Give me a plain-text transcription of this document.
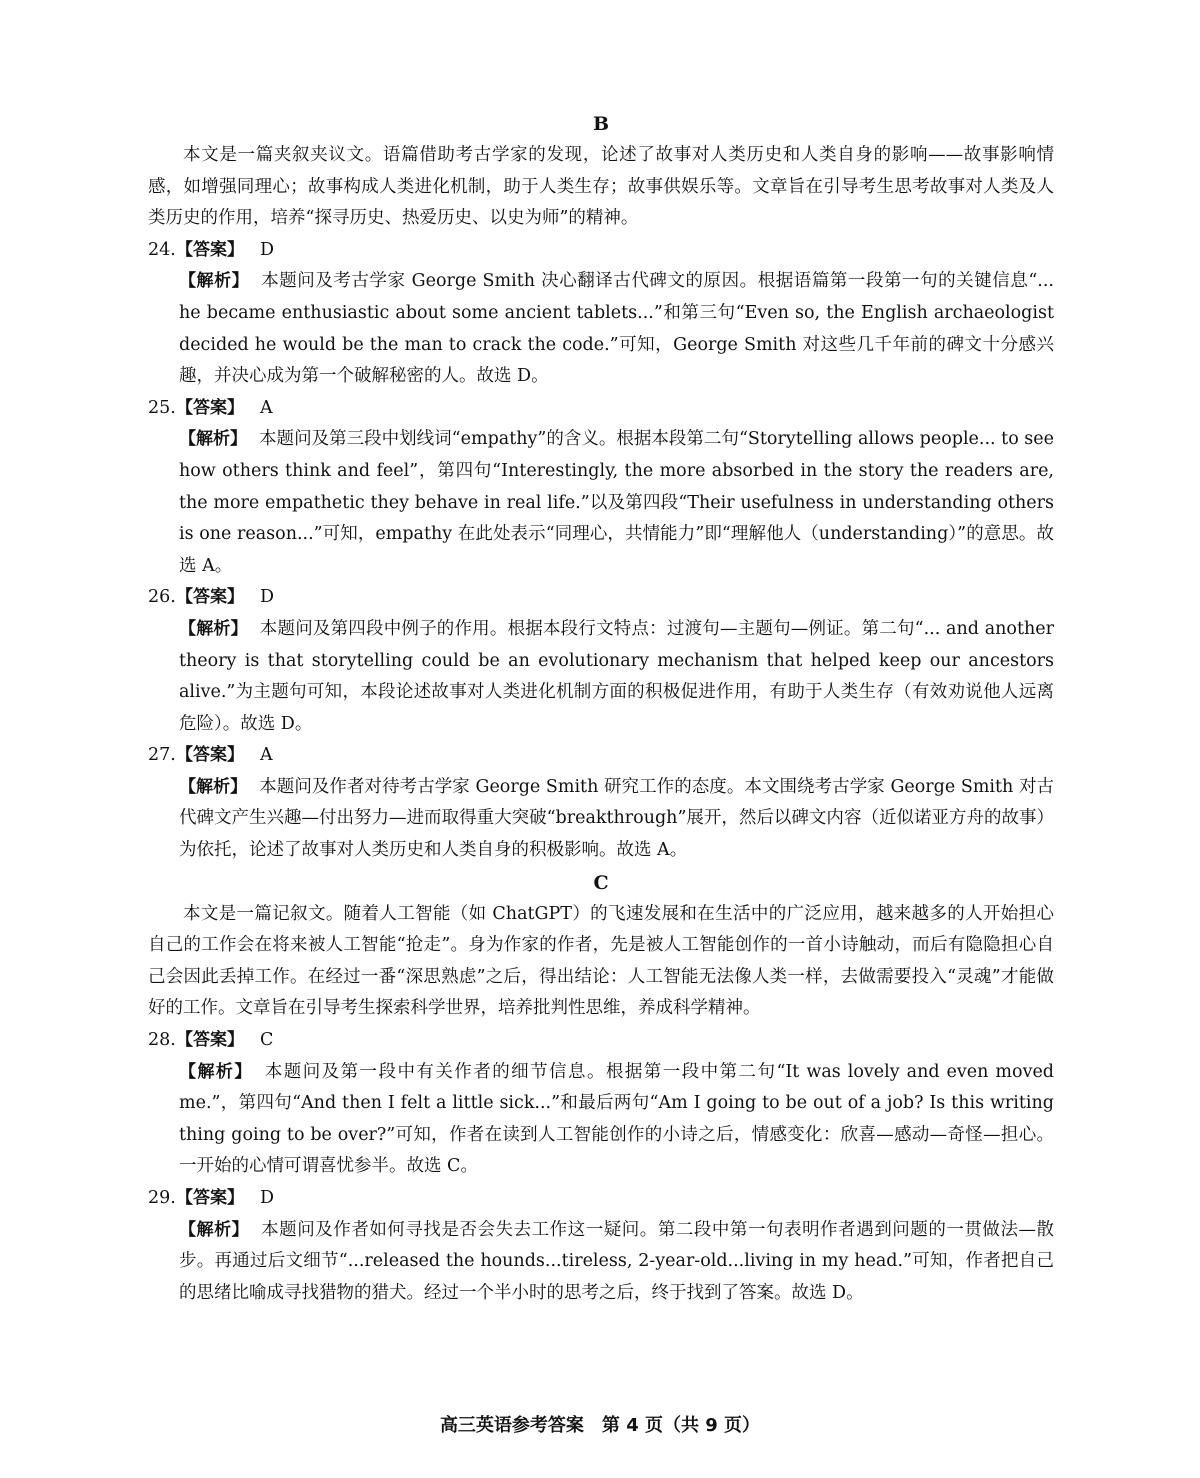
B

本文是一篇夹叙夹议文。语篇借助考古学家的发现，论述了故事对人类历史和人类自身的影响——故事影响情感，如增强同理心；故事构成人类进化机制，助于人类生存；故事供娱乐等。文章旨在引导考生思考故事对人类及人类历史的作用，培养“探寻历史、热爱历史、以史为师”的精神。

24.【答案】 D
【解析】 本题问及考古学家 George Smith 决心翻译古代碑文的原因。根据语篇第一段第一句的关键信息“... he became enthusiastic about some ancient tablets...”和第三句“Even so, the English archaeologist decided he would be the man to crack the code.”可知，George Smith 对这些几千年前的碑文十分感兴趣，并决心成为第一个破解秘密的人。故选 D。
25.【答案】 A
【解析】 本题问及第三段中划线词“empathy”的含义。根据本段第二句“Storytelling allows people... to see how others think and feel”，第四句“Interestingly, the more absorbed in the story the readers are, the more empathetic they behave in real life.”以及第四段“Their usefulness in understanding others is one reason...”可知，empathy 在此处表示“同理心，共情能力”即“理解他人（understanding）”的意思。故选 A。
26.【答案】 D
【解析】 本题问及第四段中例子的作用。根据本段行文特点：过渡句—主题句—例证。第二句“... and another theory is that storytelling could be an evolutionary mechanism that helped keep our ancestors alive.”为主题句可知，本段论述故事对人类进化机制方面的积极促进作用，有助于人类生存（有效劝说他人远离危险）。故选 D。
27.【答案】 A
【解析】 本题问及作者对待考古学家 George Smith 研究工作的态度。本文围绕考古学家 George Smith 对古代碑文产生兴趣—付出努力—进而取得重大突破“breakthrough”展开，然后以碑文内容（近似诺亚方舟的故事）为依托，论述了故事对人类历史和人类自身的积极影响。故选 A。
C

本文是一篇记叙文。随着人工智能（如 ChatGPT）的飞速发展和在生活中的广泛应用，越来越多的人开始担心自己的工作会在将来被人工智能“抢走”。身为作家的作者，先是被人工智能创作的一首小诗触动，而后有隐隐担心自己会因此丢掉工作。在经过一番“深思熟虑”之后，得出结论：人工智能无法像人类一样，去做需要投入“灵魂”才能做好的工作。文章旨在引导考生探索科学世界，培养批判性思维，养成科学精神。

28.【答案】 C
【解析】 本题问及第一段中有关作者的细节信息。根据第一段中第二句“It was lovely and even moved me.”，第四句“And then I felt a little sick...”和最后两句“Am I going to be out of a job? Is this writing thing going to be over?”可知，作者在读到人工智能创作的小诗之后，情感变化：欣喜—感动—奇怪—担心。一开始的心情可谓喜忧参半。故选 C。
29.【答案】 D
【解析】 本题问及作者如何寻找是否会失去工作这一疑问。第二段中第一句表明作者遇到问题的一贯做法—散步。再通过后文细节“...released the hounds...tireless, 2-year-old...living in my head.”可知，作者把自己的思绪比喻成寻找猎物的猎犬。经过一个半小时的思考之后，终于找到了答案。故选 D。
高三英语参考答案　第 4 页（共 9 页）
